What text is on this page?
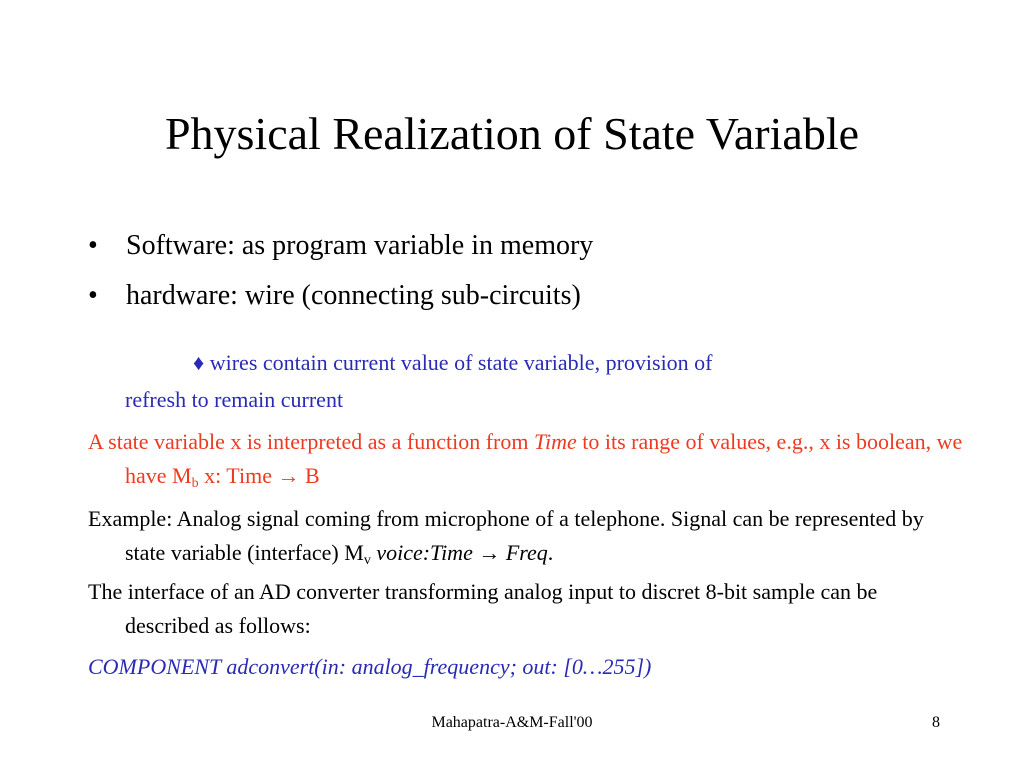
Physical Realization of State Variable
• Software: as program variable in memory
• hardware: wire (connecting sub-circuits)

♦ wires contain current value of state variable, provision of
refresh to remain current

A state variable x is interpreted as a function from Time to its range of values, e.g., x is boolean, we have $M_b$ x: Time → B

Example: Analog signal coming from microphone of a telephone. Signal can be represented by state variable (interface) $M_v$ voice:Time → Freq.

The interface of an AD converter transforming analog input to discret 8-bit sample can be described as follows:

COMPONENT adconvert(in: analog_frequency; out: [0…255])

Mahapatra-A&M-Fall'00	8
